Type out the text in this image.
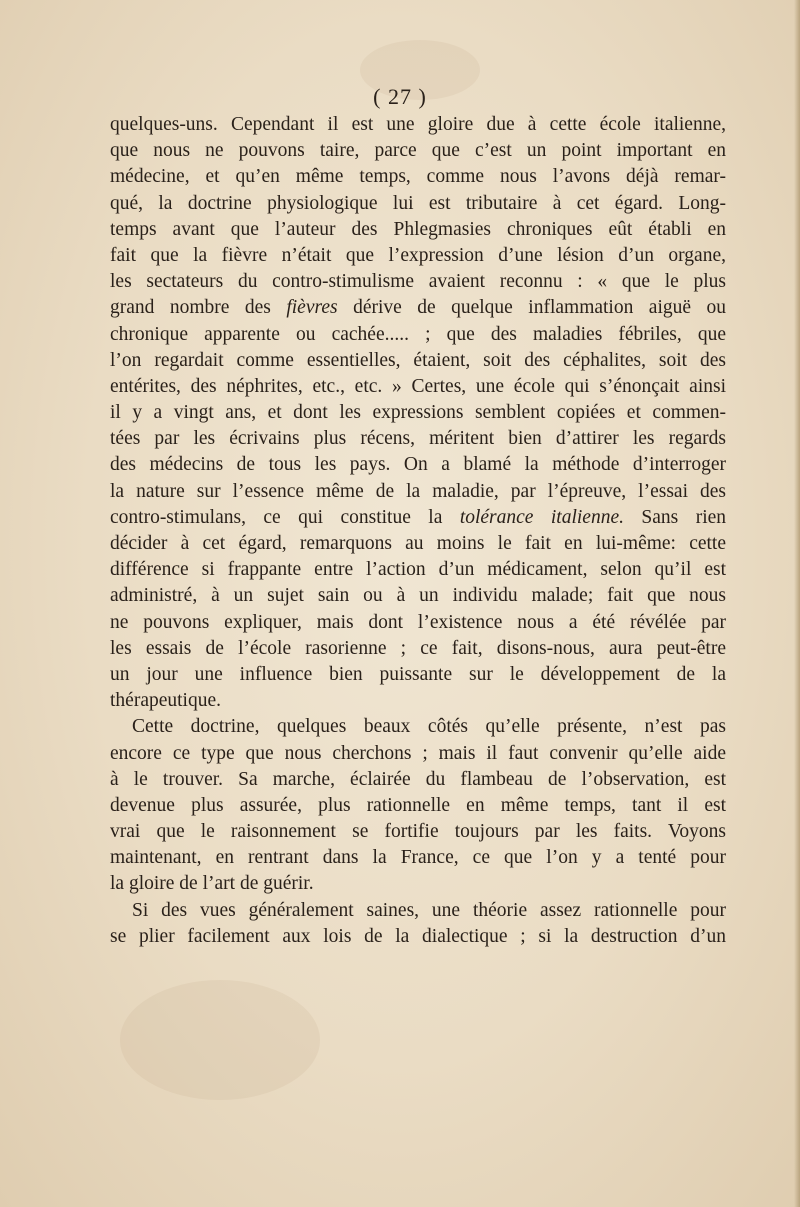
( 27 )
quelques-uns. Cependant il est une gloire due à cette école italienne,
que nous ne pouvons taire, parce que c’est un point important en
médecine, et qu’en même temps, comme nous l’avons déjà remar-
qué, la doctrine physiologique lui est tributaire à cet égard. Long-
temps avant que l’auteur des Phlegmasies chroniques eût établi en
fait que la fièvre n’était que l’expression d’une lésion d’un organe,
les sectateurs du contro-stimulisme avaient reconnu : « que le plus
grand nombre des fièvres dérive de quelque inflammation aiguë ou
chronique apparente ou cachée..... ; que des maladies fébriles, que
l’on regardait comme essentielles, étaient, soit des céphalites, soit des
entérites, des néphrites, etc., etc. » Certes, une école qui s’énonçait ainsi
il y a vingt ans, et dont les expressions semblent copiées et commen-
tées par les écrivains plus récens, méritent bien d’attirer les regards
des médecins de tous les pays. On a blamé la méthode d’interroger
la nature sur l’essence même de la maladie, par l’épreuve, l’essai des
contro-stimulans, ce qui constitue la tolérance italienne. Sans rien
décider à cet égard, remarquons au moins le fait en lui-même: cette
différence si frappante entre l’action d’un médicament, selon qu’il est
administré, à un sujet sain ou à un individu malade; fait que nous
ne pouvons expliquer, mais dont l’existence nous a été révélée par
les essais de l’école rasorienne ; ce fait, disons-nous, aura peut-être
un jour une influence bien puissante sur le développement de la
thérapeutique.
Cette doctrine, quelques beaux côtés qu’elle présente, n’est pas
encore ce type que nous cherchons ; mais il faut convenir qu’elle aide
à le trouver. Sa marche, éclairée du flambeau de l’observation, est
devenue plus assurée, plus rationnelle en même temps, tant il est
vrai que le raisonnement se fortifie toujours par les faits. Voyons
maintenant, en rentrant dans la France, ce que l’on y a tenté pour
la gloire de l’art de guérir.
Si des vues généralement saines, une théorie assez rationnelle pour
se plier facilement aux lois de la dialectique ; si la destruction d’un
